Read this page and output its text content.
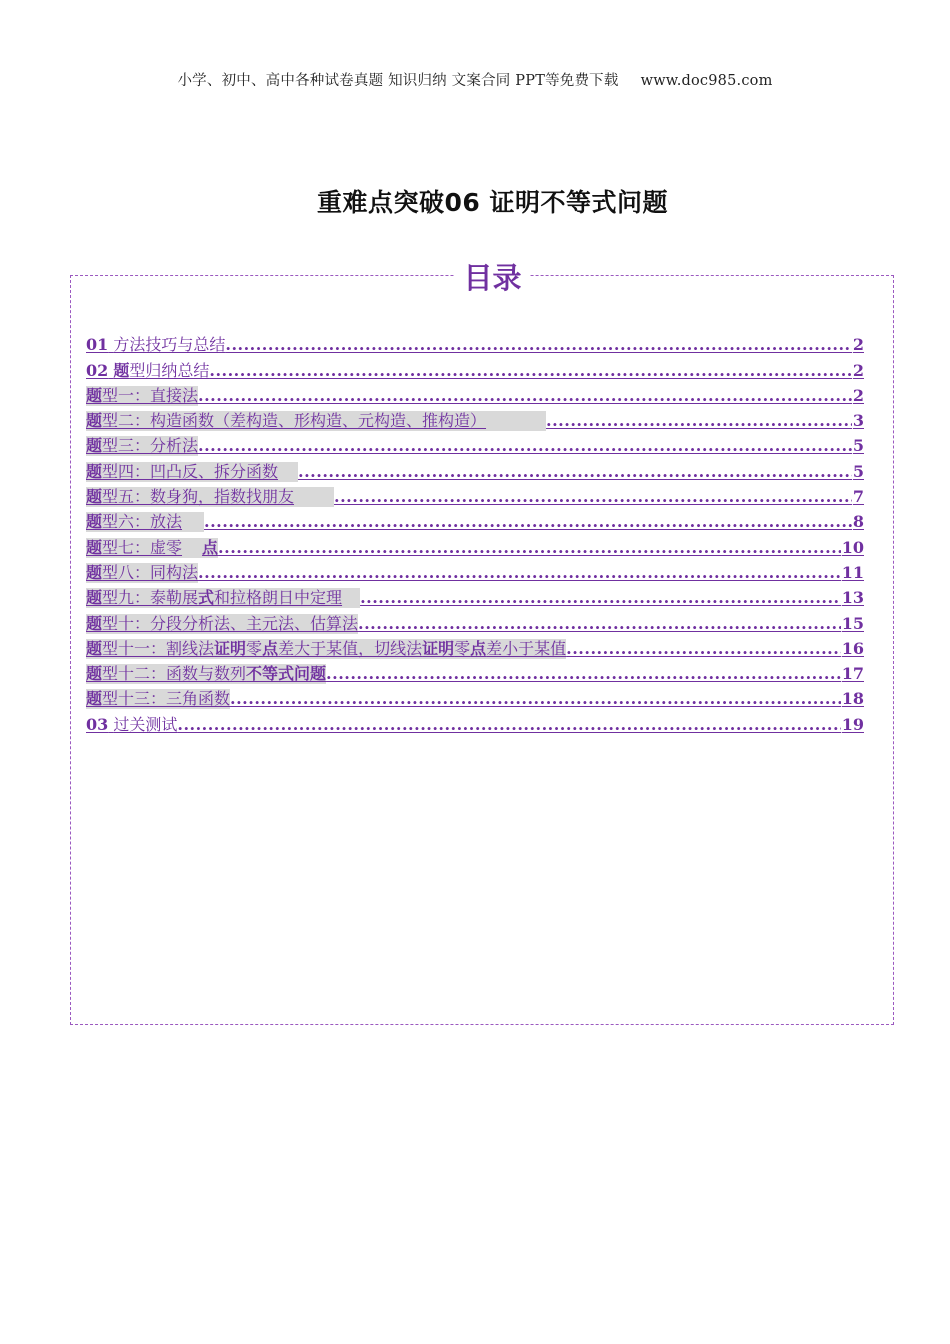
小学、初中、高中各种试卷真题 知识归纳 文案合同 PPT等免费下载 www.doc985.com
重难点突破06 证明不等式问题
目录
01 方法技巧与总结 .....	2
02 题型归纳总结 .....	2
题型一：直接法 .....	2
题型二：构造函数（差构造、形构造、元构造、推构造） .....	3
题型三：分析法 .....	5
题型四：凹凸反、拆分函数 .....	5
题型五：数身狗，指数找朋友 .....	7
题型六：放法 .....	8
题型七：虚零 点 .....	10
题型八：同构法 .....	11
题型九：泰勒展式和拉格朗日中定理 .....	13
题型十：分段分析法、主元法、估算法 .....	15
题型十一：割线法证明零点差大于某值，切线法证明零点差小于某值 .....	16
题型十二：函数与数列不等式问题 .....	17
题型十三：三角函数 .....	18
03 过关测试 .....	19
